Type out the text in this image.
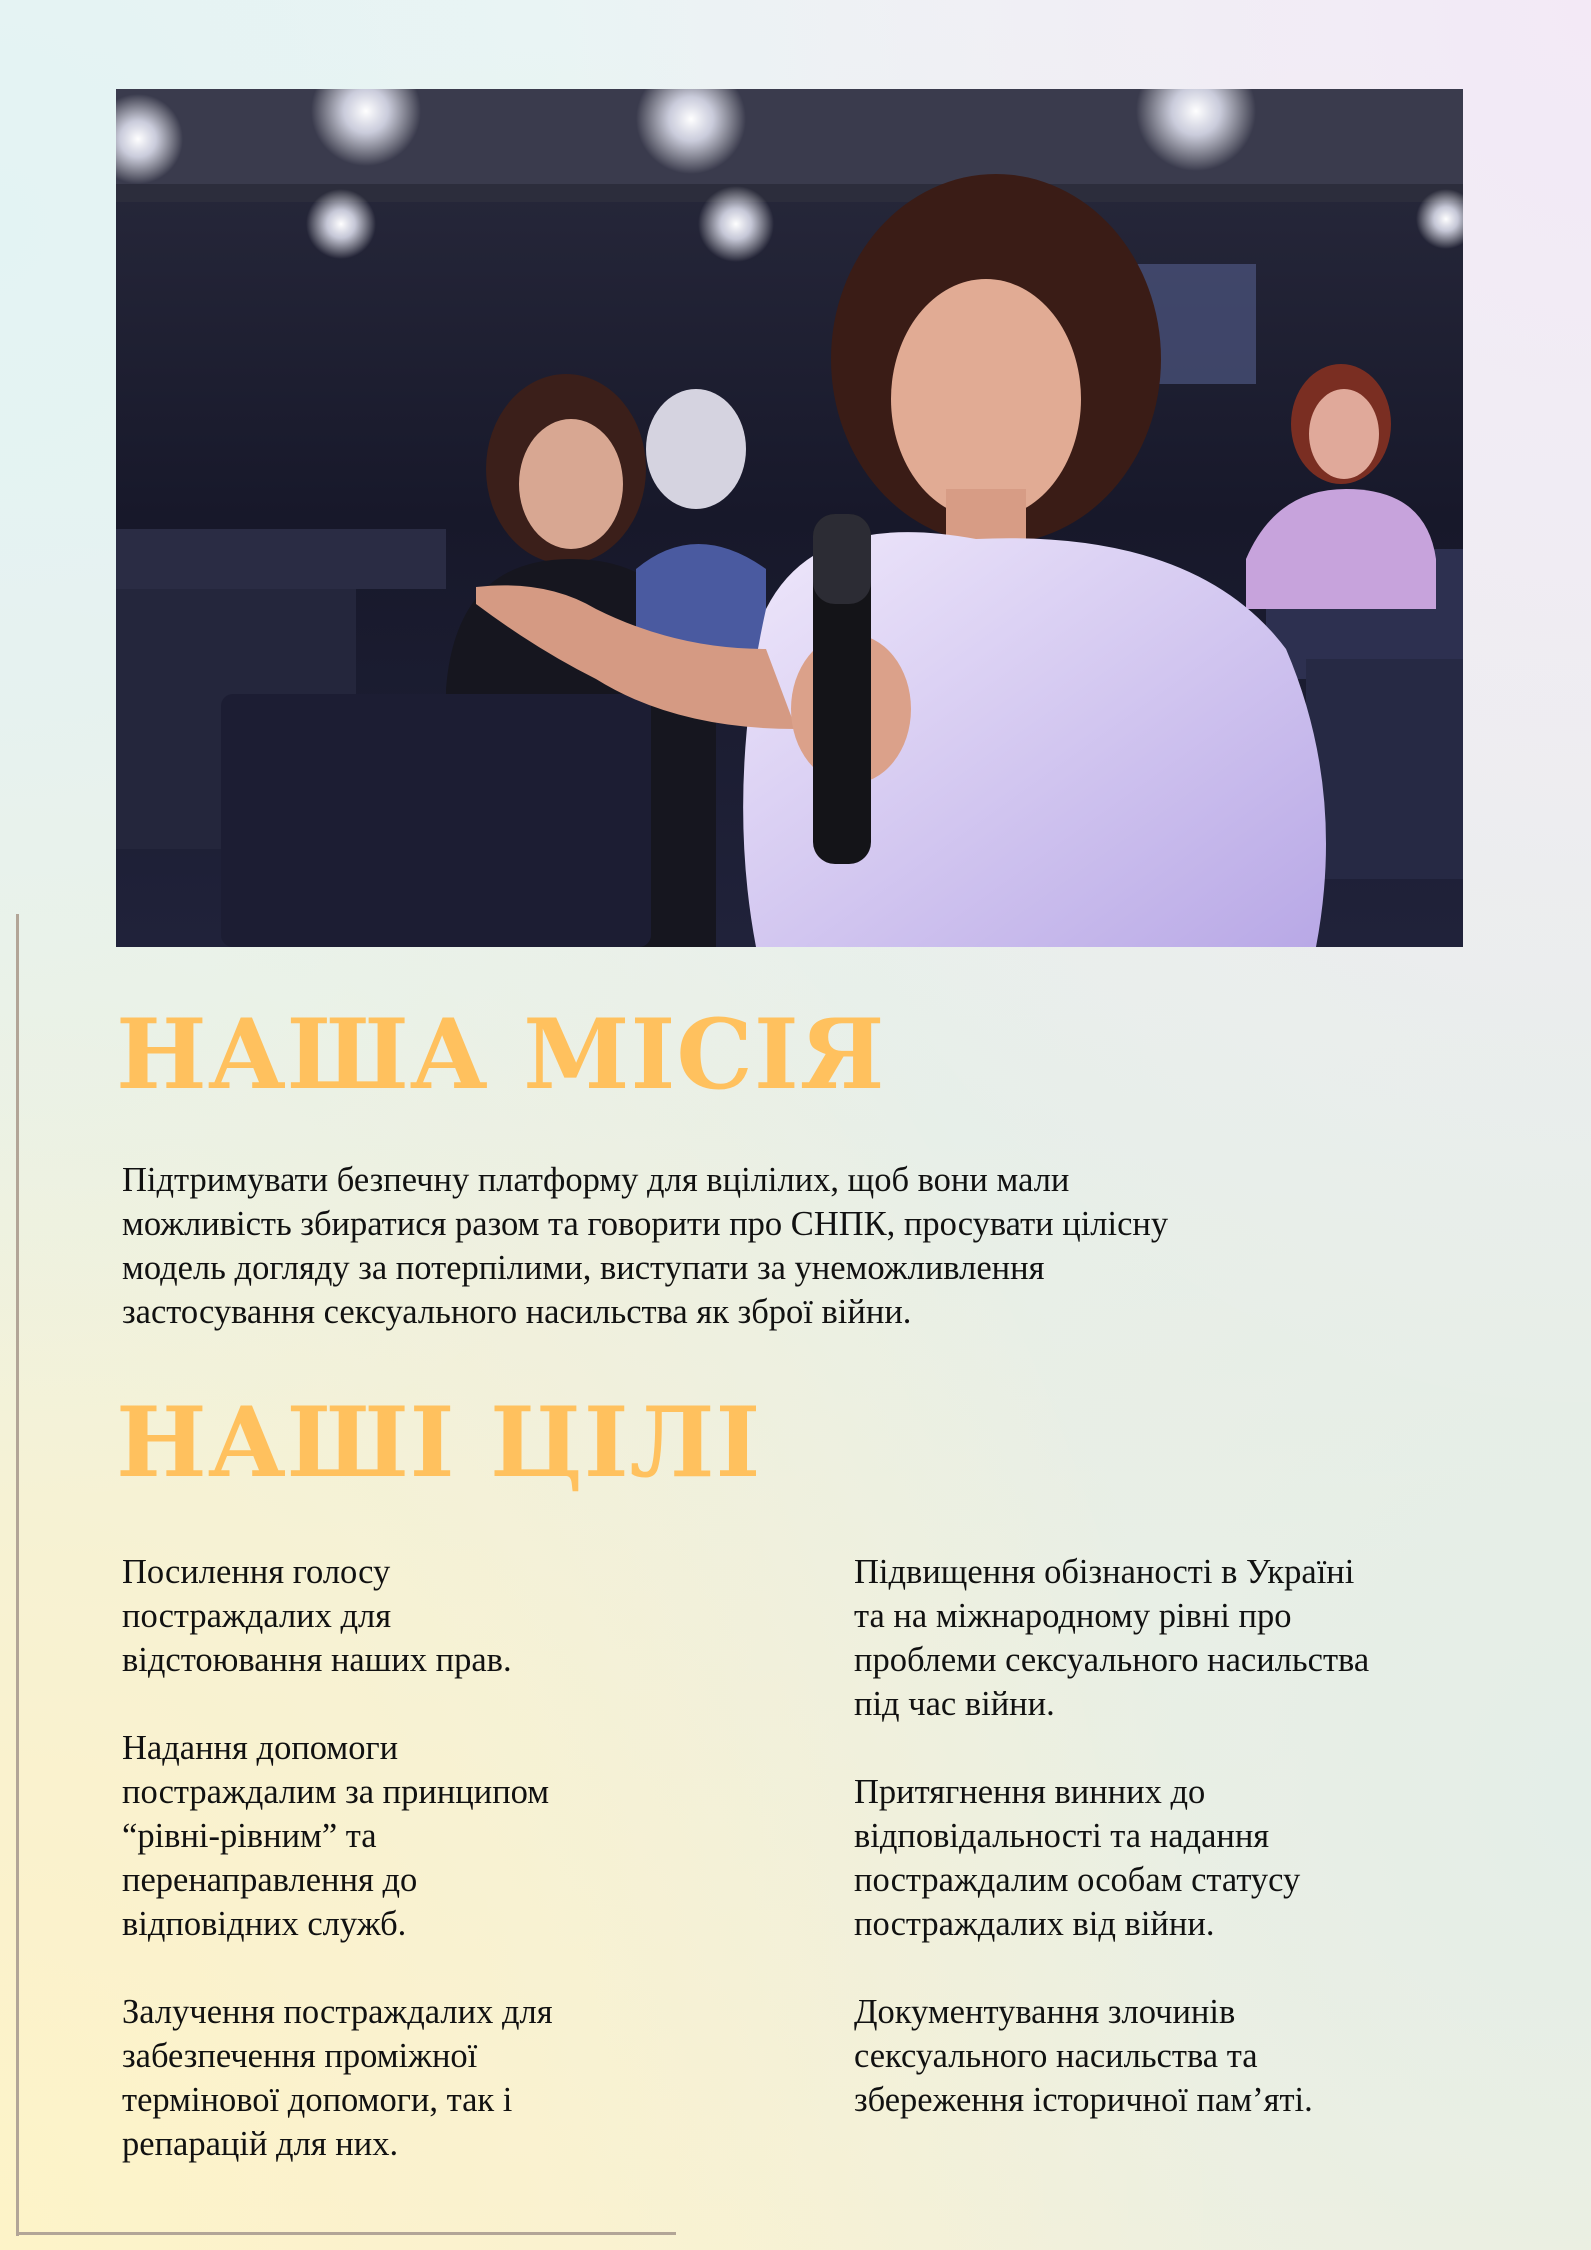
НАША МІСІЯ

Підтримувати безпечну платформу для вцілілих, щоб вони мали
можливість збиратися разом та говорити про СНПК, просувати цілісну
модель догляду за потерпілими, виступати за унеможливлення
застосування сексуального насильства як зброї війни.

НАШІ ЦІЛІ

Посилення голосу
постраждалих для
відстоювання наших прав.

Надання допомоги
постраждалим за принципом
“рівні-рівним” та
перенаправлення до
відповідних служб.

Залучення постраждалих для
забезпечення проміжної
термінової допомоги, так і
репарацій для них.

Підвищення обізнаності в Україні
та на міжнародному рівні про
проблеми сексуального насильства
під час війни.

Притягнення винних до
відповідальності та надання
постраждалим особам статусу
постраждалих від війни.

Документування злочинів
сексуального насильства та
збереження історичної пам’яті.
